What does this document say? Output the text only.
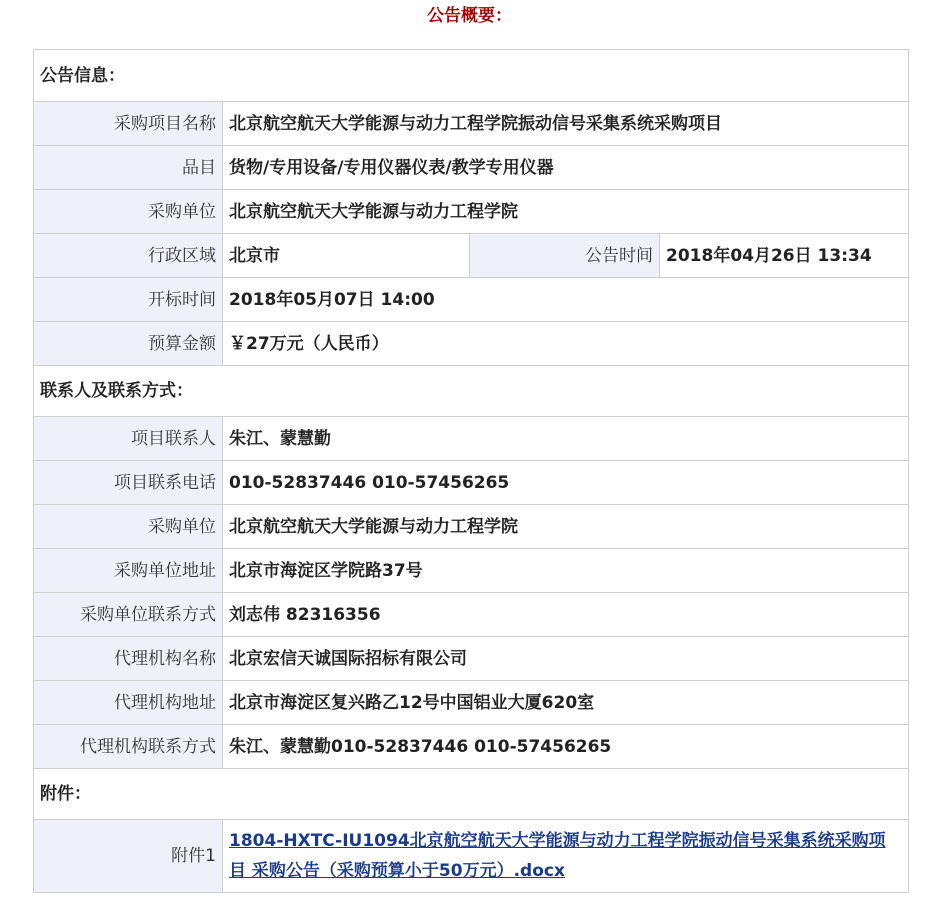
公告概要：
公告信息：			
采购项目名称	北京航空航天大学能源与动力工程学院振动信号采集系统采购项目		
品目	货物/专用设备/专用仪器仪表/教学专用仪器		
采购单位	北京航空航天大学能源与动力工程学院		
行政区域	北京市	公告时间	2018年04月26日 13:34
开标时间	2018年05月07日 14:00		
预算金额	￥27万元（人民币）		
联系人及联系方式：			
项目联系人	朱江、蒙慧勤		
项目联系电话	010-52837446 010-57456265		
采购单位	北京航空航天大学能源与动力工程学院		
采购单位地址	北京市海淀区学院路37号		
采购单位联系方式	刘志伟 82316356		
代理机构名称	北京宏信天诚国际招标有限公司		
代理机构地址	北京市海淀区复兴路乙12号中国铝业大厦620室		
代理机构联系方式	朱江、蒙慧勤010-52837446 010-57456265		
附件：			
附件1	1804-HXTC-IU1094北京航空航天大学能源与动力工程学院振动信号采集系统采购项目 采购公告（采购预算小于50万元）.docx		
